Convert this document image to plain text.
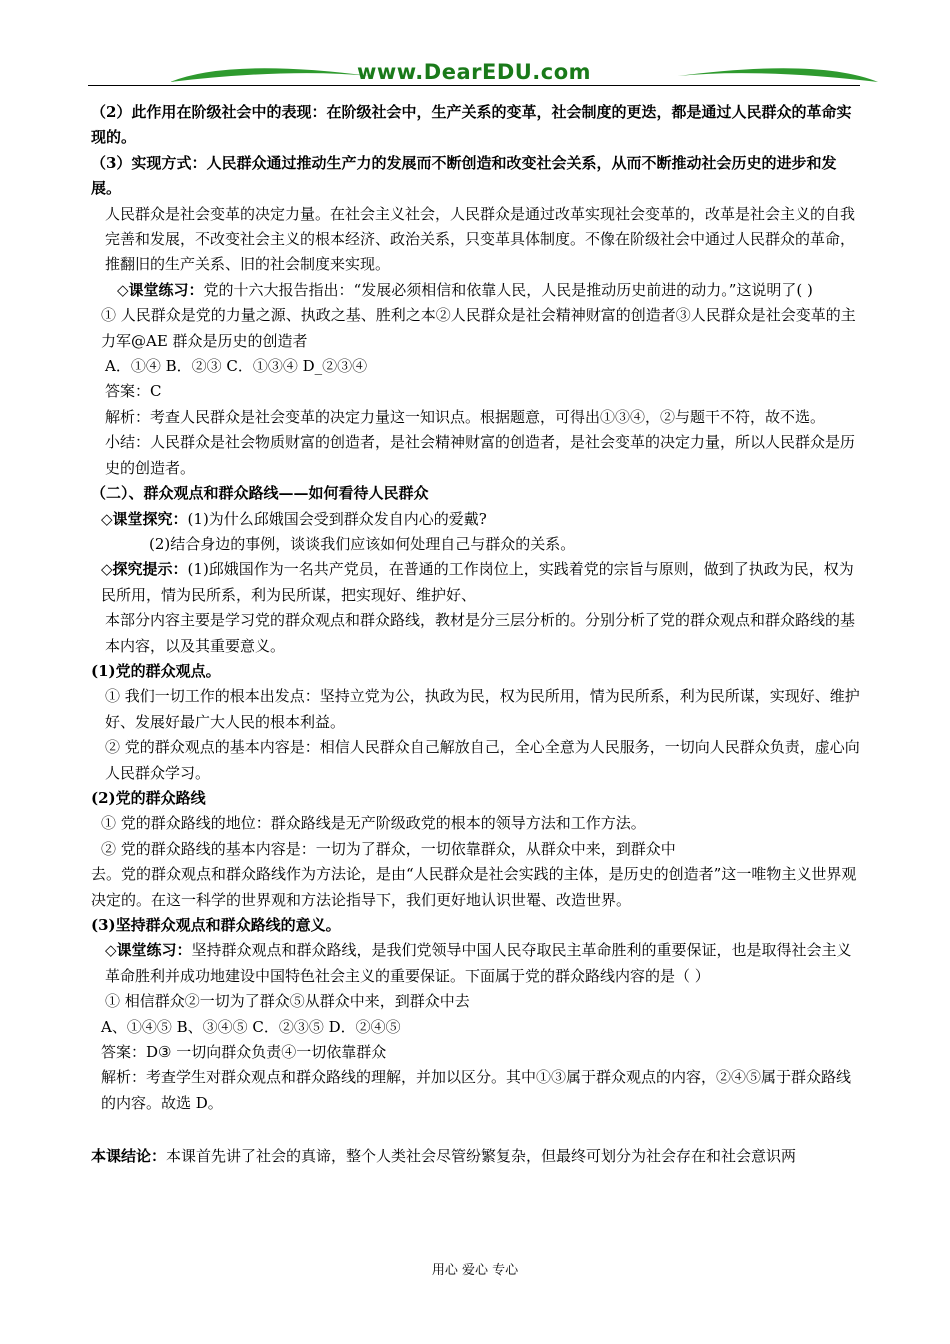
www.DearEDU.com

（2）此作用在阶级社会中的表现：在阶级社会中，生产关系的变革，社会制度的更迭，都是通过人民群众的革命实现的。

（3）实现方式：人民群众通过推动生产力的发展而不断创造和改变社会关系，从而不断推动社会历史的进步和发展。

人民群众是社会变革的决定力量。在社会主义社会，人民群众是通过改革实现社会变革的，改革是社会主义的自我完善和发展，不改变社会主义的根本经济、政治关系，只变革具体制度。不像在阶级社会中通过人民群众的革命，推翻旧的生产关系、旧的社会制度来实现。

◇课堂练习：党的十六大报告指出：“发展必须相信和依靠人民，人民是推动历史前进的动力。”这说明了( )

① 人民群众是党的力量之源、执政之基、胜利之本②人民群众是社会精神财富的创造者③人民群众是社会变革的主力军@AE 群众是历史的创造者

A．①④ B．②③ C．①③④ D_②③④

答案：C

解析：考查人民群众是社会变革的决定力量这一知识点。根据题意，可得出①③④，②与题干不符，故不选。

小结：人民群众是社会物质财富的创造者，是社会精神财富的创造者，是社会变革的决定力量，所以人民群众是历史的创造者。

（二）、群众观点和群众路线——如何看待人民群众

◇课堂探究：(1)为什么邱娥国会受到群众发自内心的爱戴?

(2)结合身边的事例，谈谈我们应该如何处理自己与群众的关系。

◇探究提示：(1)邱娥国作为一名共产党员，在普通的工作岗位上，实践着党的宗旨与原则，做到了执政为民，权为民所用，情为民所系，利为民所谋，把实现好、维护好、

本部分内容主要是学习党的群众观点和群众路线，教材是分三层分析的。分别分析了党的群众观点和群众路线的基本内容，以及其重要意义。

(1)党的群众观点。

① 我们一切工作的根本出发点：坚持立党为公，执政为民，权为民所用，情为民所系，利为民所谋，实现好、维护好、发展好最广大人民的根本利益。

② 党的群众观点的基本内容是：相信人民群众自己解放自己，全心全意为人民服务，一切向人民群众负责，虚心向人民群众学习。

(2)党的群众路线

① 党的群众路线的地位：群众路线是无产阶级政党的根本的领导方法和工作方法。

② 党的群众路线的基本内容是：一切为了群众，一切依靠群众，从群众中来，到群众中

去。党的群众观点和群众路线作为方法论，是由“人民群众是社会实践的主体，是历史的创造者”这一唯物主义世界观决定的。在这一科学的世界观和方法论指导下，我们更好地认识世罨、改造世界。

(3)坚持群众观点和群众路线的意义。

◇课堂练习：坚持群众观点和群众路线，是我们党领导中国人民夺取民主革命胜利的重要保证，也是取得社会主义革命胜利并成功地建设中国特色社会主义的重要保证。下面属于党的群众路线内容的是（ ）

① 相信群众②一切为了群众⑤从群众中来，到群众中去

A、①④⑤ B、③④⑤ C．②③⑤ D．②④⑤

答案：D③ 一切向群众负责④一切依靠群众

解析：考查学生对群众观点和群众路线的理解，并加以区分。其中①③属于群众观点的内容，②④⑤属于群众路线的内容。故选 D。

本课结论：本课首先讲了社会的真谛，整个人类社会尽管纷繁复杂，但最终可划分为社会存在和社会意识两

用心 爱心 专心
